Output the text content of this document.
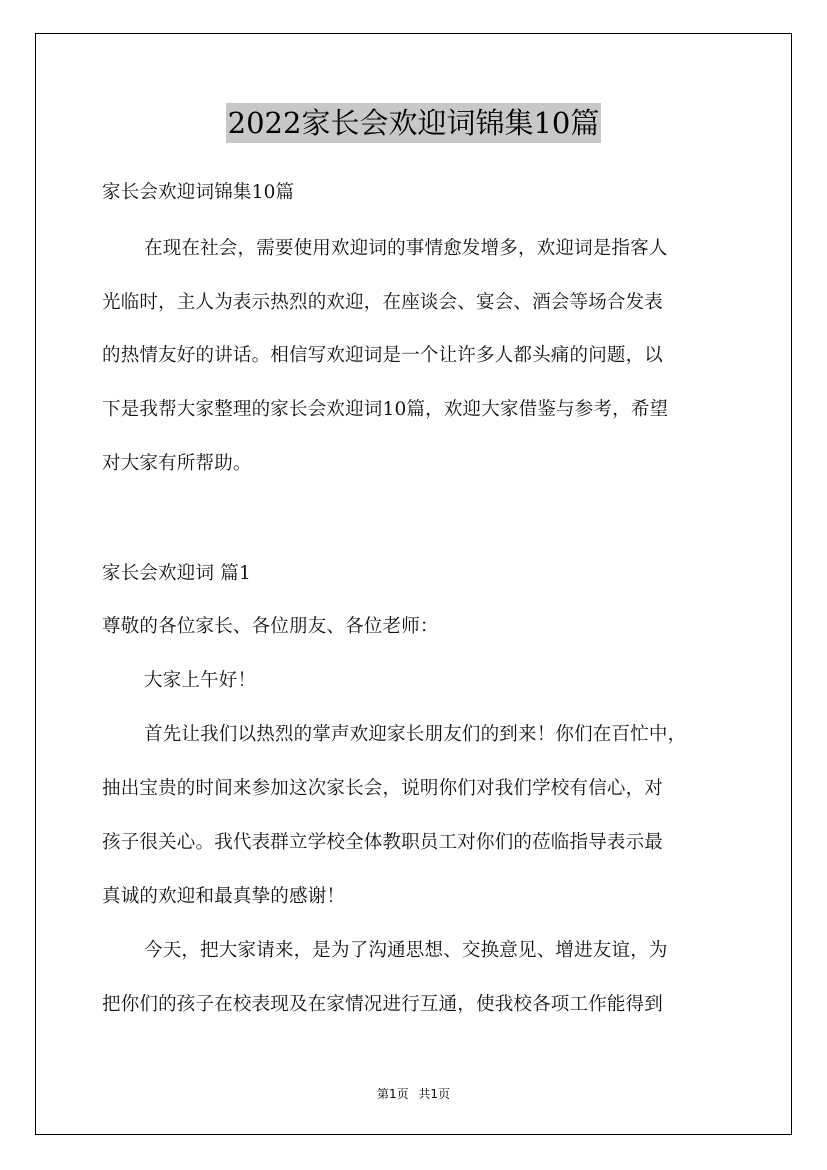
2022家长会欢迎词锦集10篇
家长会欢迎词锦集10篇
在现在社会，需要使用欢迎词的事情愈发增多，欢迎词是指客人
光临时，主人为表示热烈的欢迎，在座谈会、宴会、酒会等场合发表
的热情友好的讲话。相信写欢迎词是一个让许多人都头痛的问题，以
下是我帮大家整理的家长会欢迎词10篇，欢迎大家借鉴与参考，希望
对大家有所帮助。
家长会欢迎词 篇1
尊敬的各位家长、各位朋友、各位老师：
大家上午好！
首先让我们以热烈的掌声欢迎家长朋友们的到来！你们在百忙中，
抽出宝贵的时间来参加这次家长会，说明你们对我们学校有信心，对
孩子很关心。我代表群立学校全体教职员工对你们的莅临指导表示最
真诚的欢迎和最真挚的感谢！
今天，把大家请来，是为了沟通思想、交换意见、增进友谊，为
把你们的孩子在校表现及在家情况进行互通，使我校各项工作能得到
第1页 共1页
